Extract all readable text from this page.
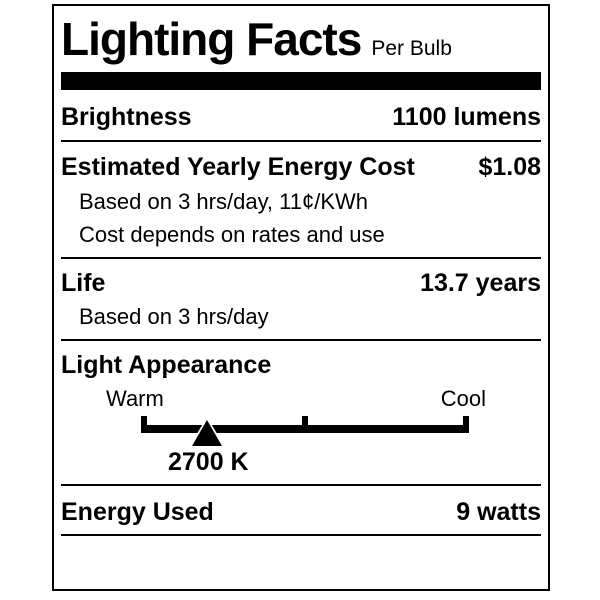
Lighting Facts Per Bulb
Brightness	1100 lumens
Estimated Yearly Energy Cost	$1.08
Based on 3 hrs/day, 11¢/KWh
Cost depends on rates and use
Life	13.7 years
Based on 3 hrs/day
Light Appearance
Warm	Cool
2700 K
Energy Used	9 watts
